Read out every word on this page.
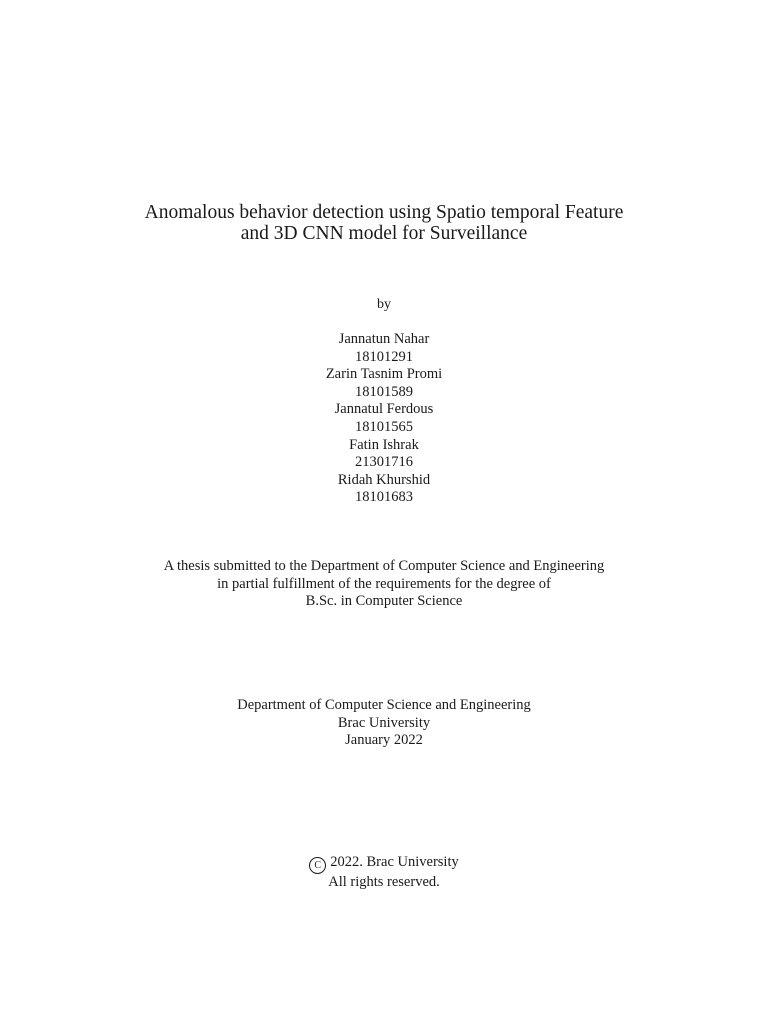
Anomalous behavior detection using Spatio temporal Feature
and 3D CNN model for Surveillance
by
Jannatun Nahar
18101291
Zarin Tasnim Promi
18101589
Jannatul Ferdous
18101565
Fatin Ishrak
21301716
Ridah Khurshid
18101683
A thesis submitted to the Department of Computer Science and Engineering
in partial fulfillment of the requirements for the degree of
B.Sc. in Computer Science
Department of Computer Science and Engineering
Brac University
January 2022
C 2022. Brac University
All rights reserved.
